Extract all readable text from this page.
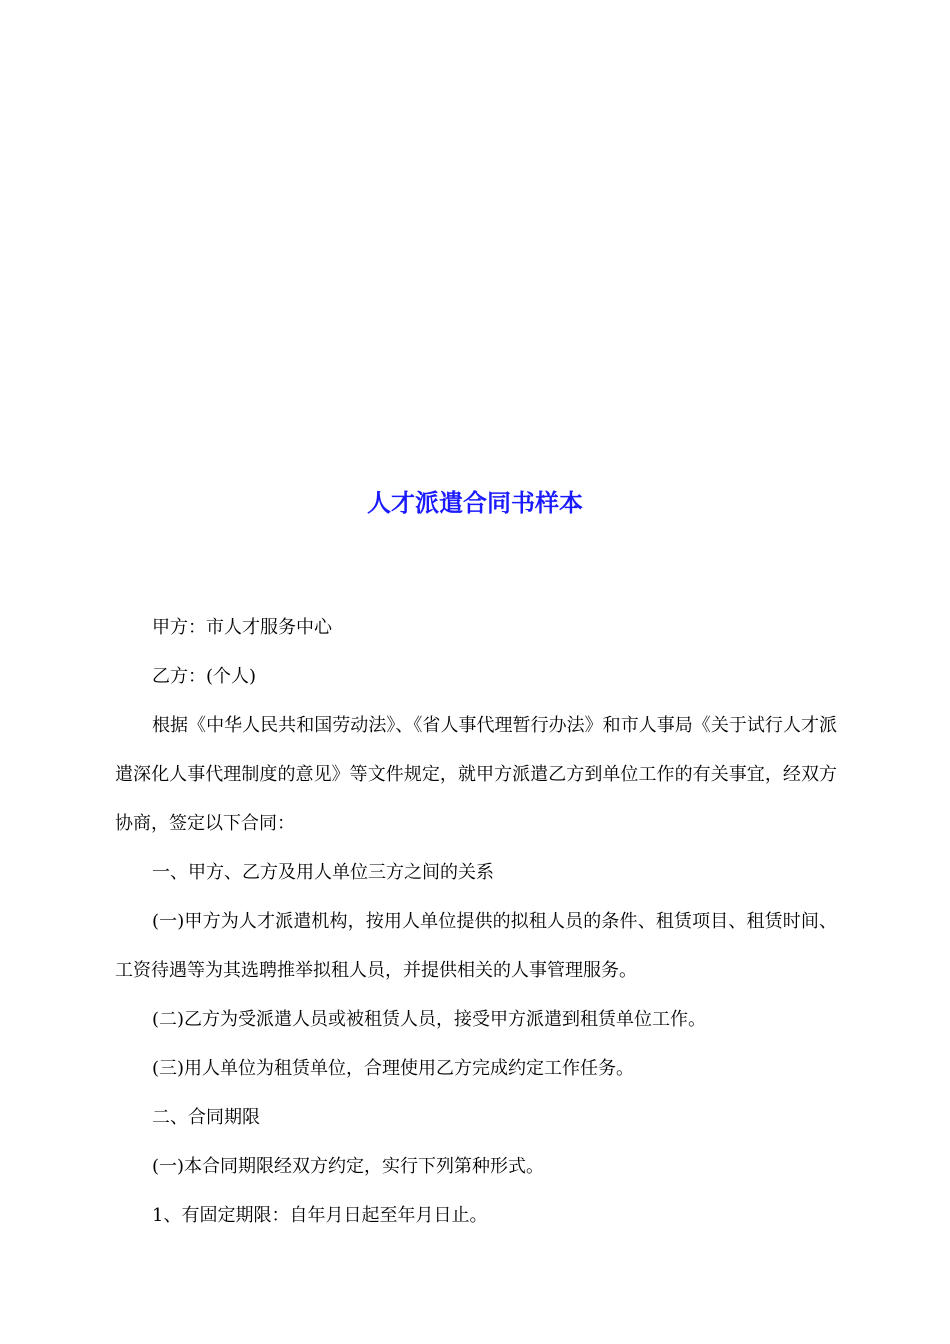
人才派遣合同书样本

甲方：市人才服务中心

乙方：(个人)

根据《中华人民共和国劳动法》、《省人事代理暂行办法》和市人事局《关于试行人才派遣深化人事代理制度的意见》等文件规定，就甲方派遣乙方到单位工作的有关事宜，经双方协商，签定以下合同：

一、甲方、乙方及用人单位三方之间的关系

(一)甲方为人才派遣机构，按用人单位提供的拟租人员的条件、租赁项目、租赁时间、工资待遇等为其选聘推举拟租人员，并提供相关的人事管理服务。

(二)乙方为受派遣人员或被租赁人员，接受甲方派遣到租赁单位工作。

(三)用人单位为租赁单位，合理使用乙方完成约定工作任务。

二、合同期限

(一)本合同期限经双方约定，实行下列第种形式。

1、有固定期限：自年月日起至年月日止。
